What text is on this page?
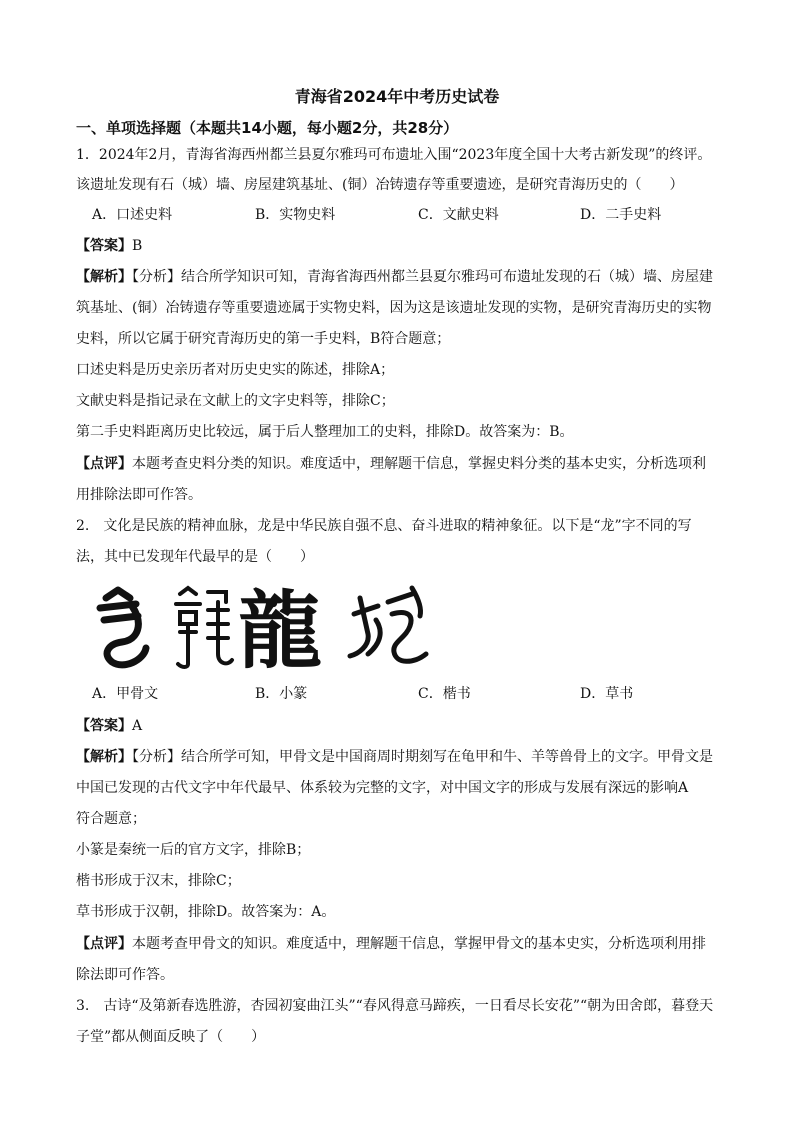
青海省2024年中考历史试卷
一、单项选择题（本题共14小题，每小题2分，共28分）
1．2024年2月，青海省海西州都兰县夏尔雅玛可布遗址入围“2023年度全国十大考古新发现”的终评。
该遗址发现有石（城）墙、房屋建筑基址、(铜）冶铸遗存等重要遗迹，是研究青海历史的（　　）
A．口述史料	B．实物史料	C．文献史料	D．二手史料
【答案】B
【解析】【分析】结合所学知识可知，青海省海西州都兰县夏尔雅玛可布遗址发现的石（城）墙、房屋建
筑基址、(铜）冶铸遗存等重要遗迹属于实物史料，因为这是该遗址发现的实物，是研究青海历史的实物
史料，所以它属于研究青海历史的第一手史料，B符合题意；
口述史料是历史亲历者对历史史实的陈述，排除A；
文献史料是指记录在文献上的文字史料等，排除C；
第二手史料距离历史比较远，属于后人整理加工的史料，排除D。故答案为：B。
【点评】本题考查史料分类的知识。难度适中，理解题干信息，掌握史料分类的基本史实，分析选项利
用排除法即可作答。
2.　文化是民族的精神血脉，龙是中华民族自强不息、奋斗进取的精神象征。以下是“龙”字不同的写
法，其中已发现年代最早的是（　　）
龍
A．甲骨文	B．小篆	C．楷书	D．草书
【答案】A
【解析】【分析】结合所学可知，甲骨文是中国商周时期刻写在龟甲和牛、羊等兽骨上的文字。甲骨文是
中国已发现的古代文字中年代最早、体系较为完整的文字，对中国文字的形成与发展有深远的影响A
符合题意；
小篆是秦统一后的官方文字，排除B；
楷书形成于汉末，排除C；
草书形成于汉朝，排除D。故答案为：A。
【点评】本题考查甲骨文的知识。难度适中，理解题干信息，掌握甲骨文的基本史实，分析选项利用排
除法即可作答。
3.　古诗“及第新春选胜游，杏园初宴曲江头”“春风得意马蹄疾，一日看尽长安花”“朝为田舍郎，暮登天
子堂”都从侧面反映了（　　）
